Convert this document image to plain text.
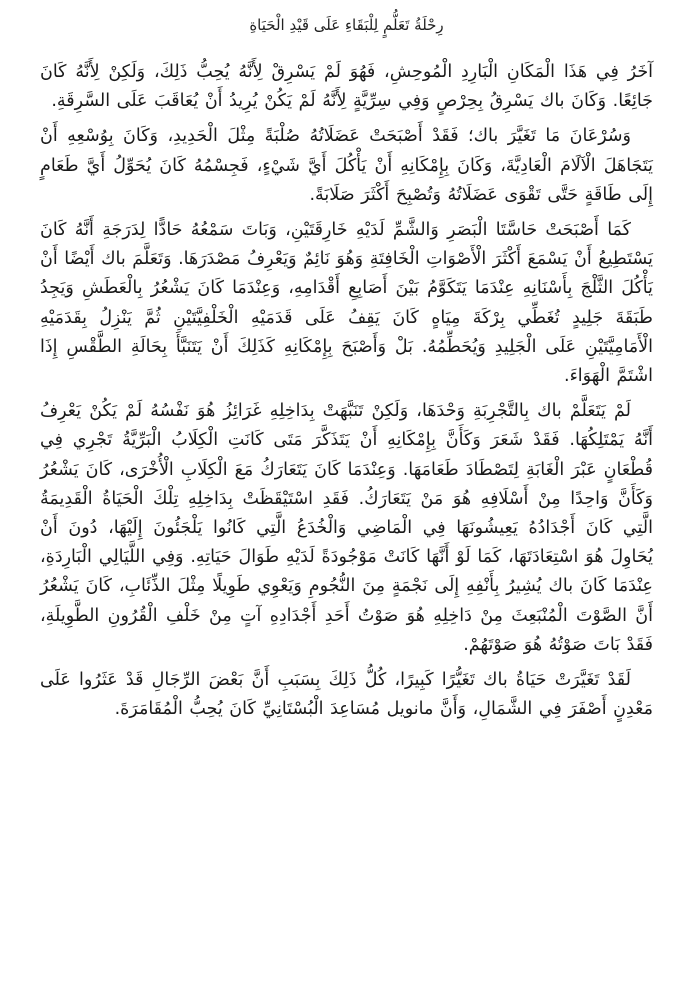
رِحْلَةُ تَعَلُّمٍ لِلْبَقَاءِ عَلَى قَيْدِ الْحَيَاةِ

آخَرُ فِي هَذَا الْمَكَانِ الْبَارِدِ الْمُوحِشِ، فَهُوَ لَمْ يَسْرِقْ لِأَنَّهُ يُحِبُّ ذَلِكَ، وَلَكِنْ لِأَنَّهُ كَانَ جَائِعًا. وَكَانَ باك يَسْرِقُ بِحِرْصٍ وَفِي سِرِّيَّةٍ لِأَنَّهُ لَمْ يَكُنْ يُرِيدُ أَنْ يُعَاقَبَ عَلَى السَّرِقَةِ.

وَسُرْعَانَ مَا تَغَيَّرَ باك؛ فَقَدْ أَصْبَحَتْ عَضَلَاتُهُ صُلْبَةً مِثْلَ الْحَدِيدِ، وَكَانَ بِوُسْعِهِ أَنْ يَتَجَاهَلَ الْآلَامَ الْعَادِيَّةَ، وَكَانَ بِإِمْكَانِهِ أَنْ يَأْكُلَ أَيَّ شَيْءٍ، فَجِسْمُهُ كَانَ يُحَوِّلُ أَيَّ طَعَامٍ إِلَى طَاقَةٍ حَتَّى تَقْوَى عَضَلَاتُهُ وَتُصْبِحَ أَكْثَرَ صَلَابَةً.

كَمَا أَصْبَحَتْ حَاسَّتَا الْبَصَرِ وَالشَّمِّ لَدَيْهِ خَارِقَتَيْنِ، وَبَاتَ سَمْعُهُ حَادًّا لِدَرَجَةِ أَنَّهُ كَانَ يَسْتَطِيعُ أَنْ يَسْمَعَ أَكْثَرَ الْأَصْوَاتِ الْخَافِتَةِ وَهُوَ نَائِمٌ وَيَعْرِفُ مَصْدَرَهَا. وَتَعَلَّمَ باك أَيْضًا أَنْ يَأْكُلَ الثَّلْجَ بِأَسْنَانِهِ عِنْدَمَا يَتَكَوَّمُ بَيْنَ أَصَابِعِ أَقْدَامِهِ، وَعِنْدَمَا كَانَ يَشْعُرُ بِالْعَطَشِ وَيَجِدُ طَبَقَةَ جَلِيدٍ تُغَطِّي بِرْكَةَ مِيَاهٍ كَانَ يَقِفُ عَلَى قَدَمَيْهِ الْخَلْفِيَّتَيْنِ ثُمَّ يَنْزِلُ بِقَدَمَيْهِ الْأَمَامِيَّتَيْنِ عَلَى الْجَلِيدِ وَيُحَطِّمُهُ. بَلْ وَأَصْبَحَ بِإِمْكَانِهِ كَذَلِكَ أَنْ يَتَنَبَّأَ بِحَالَةِ الطَّقْسِ إِذَا اشْتَمَّ الْهَوَاءَ.

لَمْ يَتَعَلَّمْ باك بِالتَّجْرِبَةِ وَحْدَهَا، وَلَكِنْ تَنَبَّهَتْ بِدَاخِلِهِ غَرَائِزُ هُوَ نَفْسُهُ لَمْ يَكُنْ يَعْرِفُ أَنَّهُ يَمْتَلِكُهَا. فَقَدْ شَعَرَ وَكَأَنَّ بِإِمْكَانِهِ أَنْ يَتَذَكَّرَ مَتَى كَانَتِ الْكِلَابُ الْبَرِّيَّةُ تَجْرِي فِي قُطْعَانٍ عَبْرَ الْغَابَةِ لِتَصْطَادَ طَعَامَهَا. وَعِنْدَمَا كَانَ يَتَعَارَكُ مَعَ الْكِلَابِ الْأُخْرَى، كَانَ يَشْعُرُ وَكَأَنَّ وَاحِدًا مِنْ أَسْلَافِهِ هُوَ مَنْ يَتَعَارَكُ. فَقَدِ اسْتَيْقَظَتْ بِدَاخِلِهِ تِلْكَ الْحَيَاةُ الْقَدِيمَةُ الَّتِي كَانَ أَجْدَادُهُ يَعِيشُونَهَا فِي الْمَاضِي وَالْخُدَعُ الَّتِي كَانُوا يَلْجَئُونَ إِلَيْهَا، دُونَ أَنْ يُحَاوِلَ هُوَ اسْتِعَادَتَهَا، كَمَا لَوْ أَنَّهَا كَانَتْ مَوْجُودَةً لَدَيْهِ طَوَالَ حَيَاتِهِ. وَفِي اللَّيَالِي الْبَارِدَةِ، عِنْدَمَا كَانَ باك يُشِيرُ بِأَنْفِهِ إِلَى نَجْمَةٍ مِنَ النُّجُومِ وَيَعْوِي طَوِيلًا مِثْلَ الذِّئَابِ، كَانَ يَشْعُرُ أَنَّ الصَّوْتَ الْمُنْبَعِثَ مِنْ دَاخِلِهِ هُوَ صَوْتُ أَحَدِ أَجْدَادِهِ آتٍ مِنْ خَلْفِ الْقُرُونِ الطَّوِيلَةِ، فَقَدْ بَاتَ صَوْتُهُ هُوَ صَوْتَهُمْ.

لَقَدْ تَغَيَّرَتْ حَيَاةُ باك تَغَيُّرًا كَبِيرًا، كُلُّ ذَلِكَ بِسَبَبِ أَنَّ بَعْضَ الرِّجَالِ قَدْ عَثَرُوا عَلَى مَعْدِنٍ أَصْفَرَ فِي الشَّمَالِ، وَأَنَّ مانويل مُسَاعِدَ الْبُسْتَانِيِّ كَانَ يُحِبُّ الْمُقَامَرَةَ.
